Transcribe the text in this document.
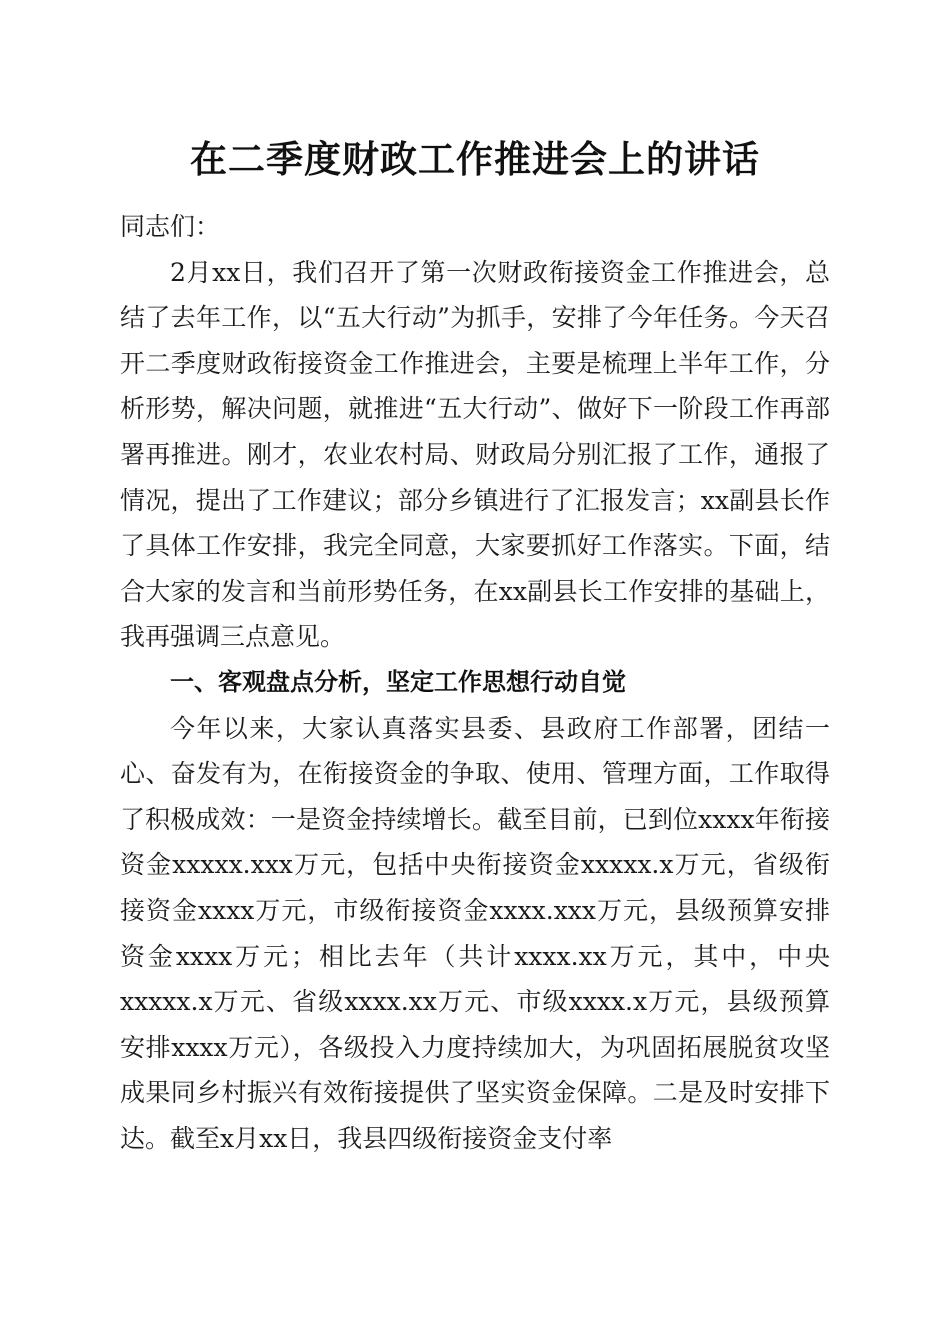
在二季度财政工作推进会上的讲话

同志们：

2月xx日，我们召开了第一次财政衔接资金工作推进会，总结了去年工作，以“五大行动”为抓手，安排了今年任务。今天召开二季度财政衔接资金工作推进会，主要是梳理上半年工作，分析形势，解决问题，就推进“五大行动”、做好下一阶段工作再部署再推进。刚才，农业农村局、财政局分别汇报了工作，通报了情况，提出了工作建议；部分乡镇进行了汇报发言；xx副县长作了具体工作安排，我完全同意，大家要抓好工作落实。下面，结合大家的发言和当前形势任务，在xx副县长工作安排的基础上，我再强调三点意见。

一、客观盘点分析，坚定工作思想行动自觉

今年以来，大家认真落实县委、县政府工作部署，团结一心、奋发有为，在衔接资金的争取、使用、管理方面，工作取得了积极成效：一是资金持续增长。截至目前，已到位xxxx年衔接资金xxxxx.xxx万元，包括中央衔接资金xxxxx.x万元，省级衔接资金xxxx万元，市级衔接资金xxxx.xxx万元，县级预算安排资金xxxx万元；相比去年（共计xxxx.xx万元，其中，中央xxxxx.x万元、省级xxxx.xx万元、市级xxxx.x万元，县级预算安排xxxx万元），各级投入力度持续加大，为巩固拓展脱贫攻坚成果同乡村振兴有效衔接提供了坚实资金保障。二是及时安排下达。截至x月xx日，我县四级衔接资金支付率
